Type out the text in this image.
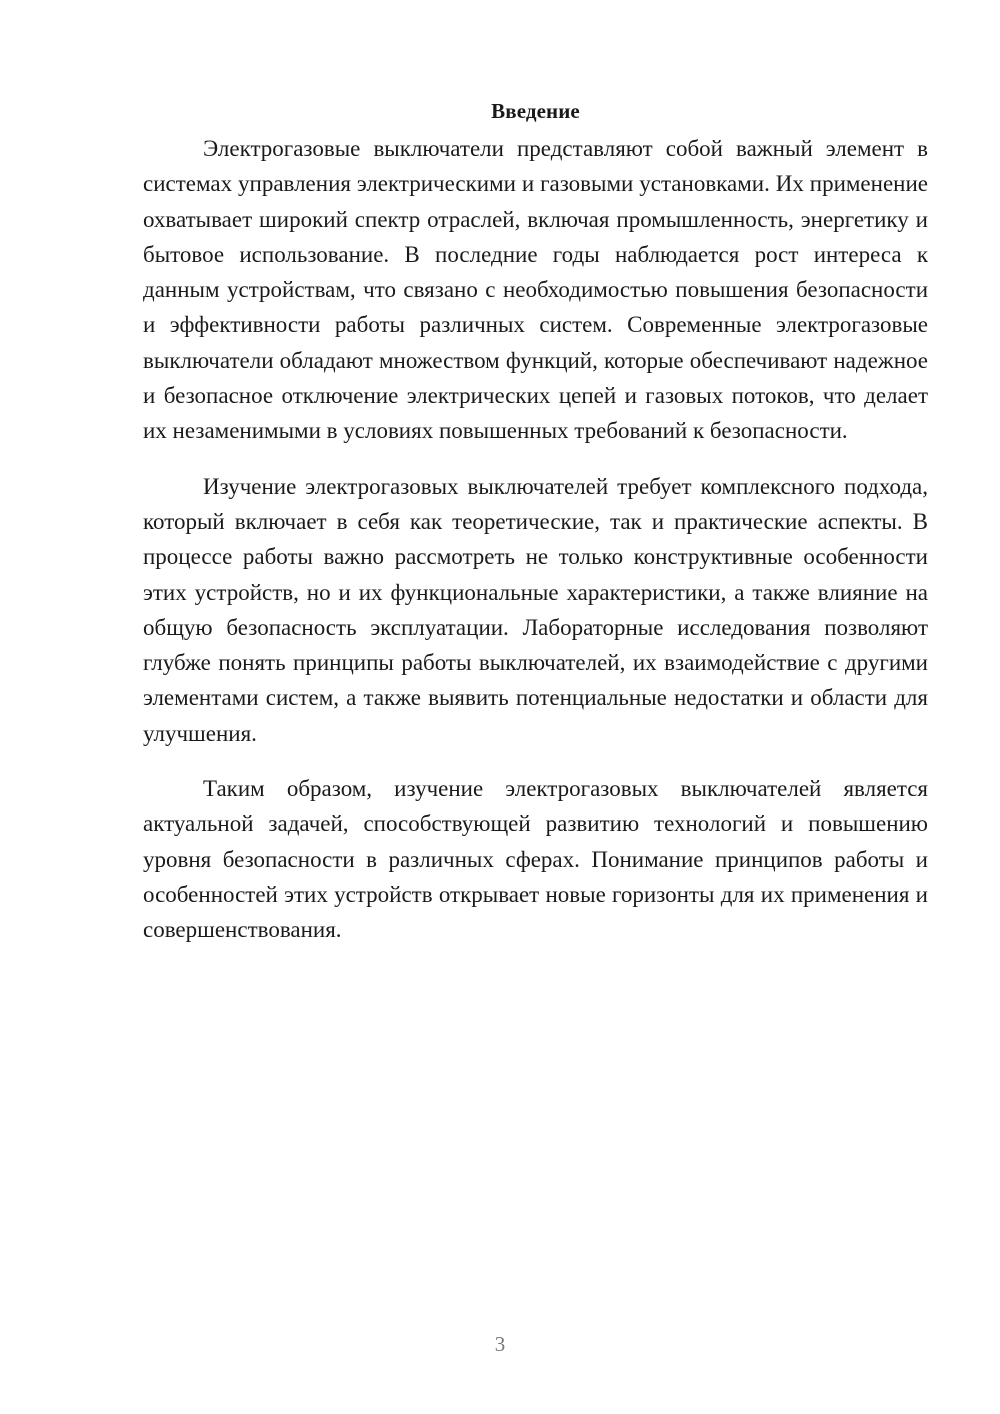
Введение

Электрогазовые выключатели представляют собой важный элемент в системах управления электрическими и газовыми установками. Их применение охватывает широкий спектр отраслей, включая промышленность, энергетику и бытовое использование. В последние годы наблюдается рост интереса к данным устройствам, что связано с необходимостью повышения безопасности и эффективности работы различных систем. Современные электрогазовые выключатели обладают множеством функций, которые обеспечивают надежное и безопасное отключение электрических цепей и газовых потоков, что делает их незаменимыми в условиях повышенных требований к безопасности.

Изучение электрогазовых выключателей требует комплексного подхода, который включает в себя как теоретические, так и практические аспекты. В процессе работы важно рассмотреть не только конструктивные особенности этих устройств, но и их функциональные характеристики, а также влияние на общую безопасность эксплуатации. Лабораторные исследования позволяют глубже понять принципы работы выключателей, их взаимодействие с другими элементами систем, а также выявить потенциальные недостатки и области для улучшения.

Таким образом, изучение электрогазовых выключателей является актуальной задачей, способствующей развитию технологий и повышению уровня безопасности в различных сферах. Понимание принципов работы и особенностей этих устройств открывает новые горизонты для их применения и совершенствования.

3
